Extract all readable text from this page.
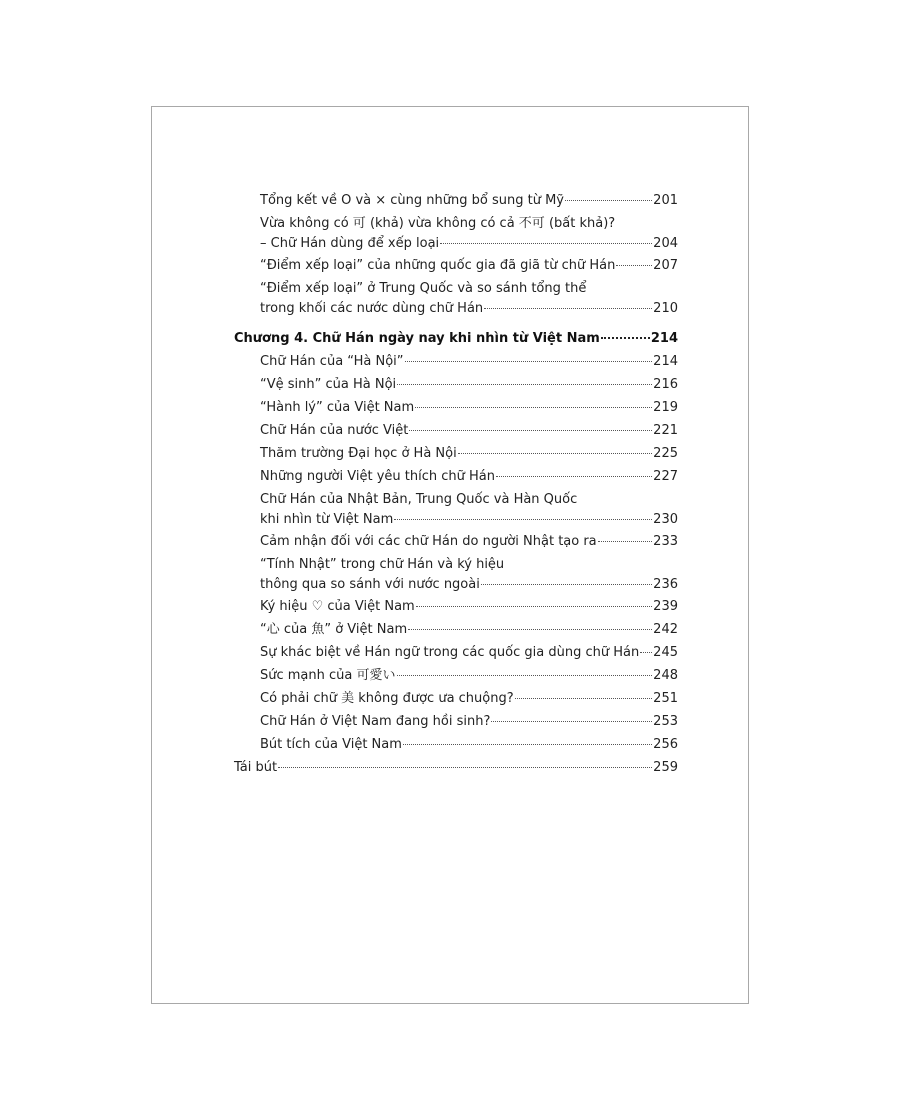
Tổng kết về O và × cùng những bổ sung từ Mỹ	201
Vừa không có 可 (khả) vừa không có cả 不可 (bất khả)?
– Chữ Hán dùng để xếp loại	204
“Điểm xếp loại” của những quốc gia đã giã từ chữ Hán	207
“Điểm xếp loại” ở Trung Quốc và so sánh tổng thể
trong khối các nước dùng chữ Hán	210
Chương 4. Chữ Hán ngày nay khi nhìn từ Việt Nam	214
Chữ Hán của “Hà Nội”	214
“Vệ sinh” của Hà Nội	216
“Hành lý” của Việt Nam	219
Chữ Hán của nước Việt	221
Thăm trường Đại học ở Hà Nội	225
Những người Việt yêu thích chữ Hán	227
Chữ Hán của Nhật Bản, Trung Quốc và Hàn Quốc
khi nhìn từ Việt Nam	230
Cảm nhận đối với các chữ Hán do người Nhật tạo ra	233
“Tính Nhật” trong chữ Hán và ký hiệu
thông qua so sánh với nước ngoài	236
Ký hiệu ♡ của Việt Nam	239
“心 của 魚” ở Việt Nam	242
Sự khác biệt về Hán ngữ trong các quốc gia dùng chữ Hán 245
Sức mạnh của 可愛い	248
Có phải chữ 美 không được ưa chuộng?	251
Chữ Hán ở Việt Nam đang hồi sinh?	253
Bút tích của Việt Nam	256
Tái bút	259
